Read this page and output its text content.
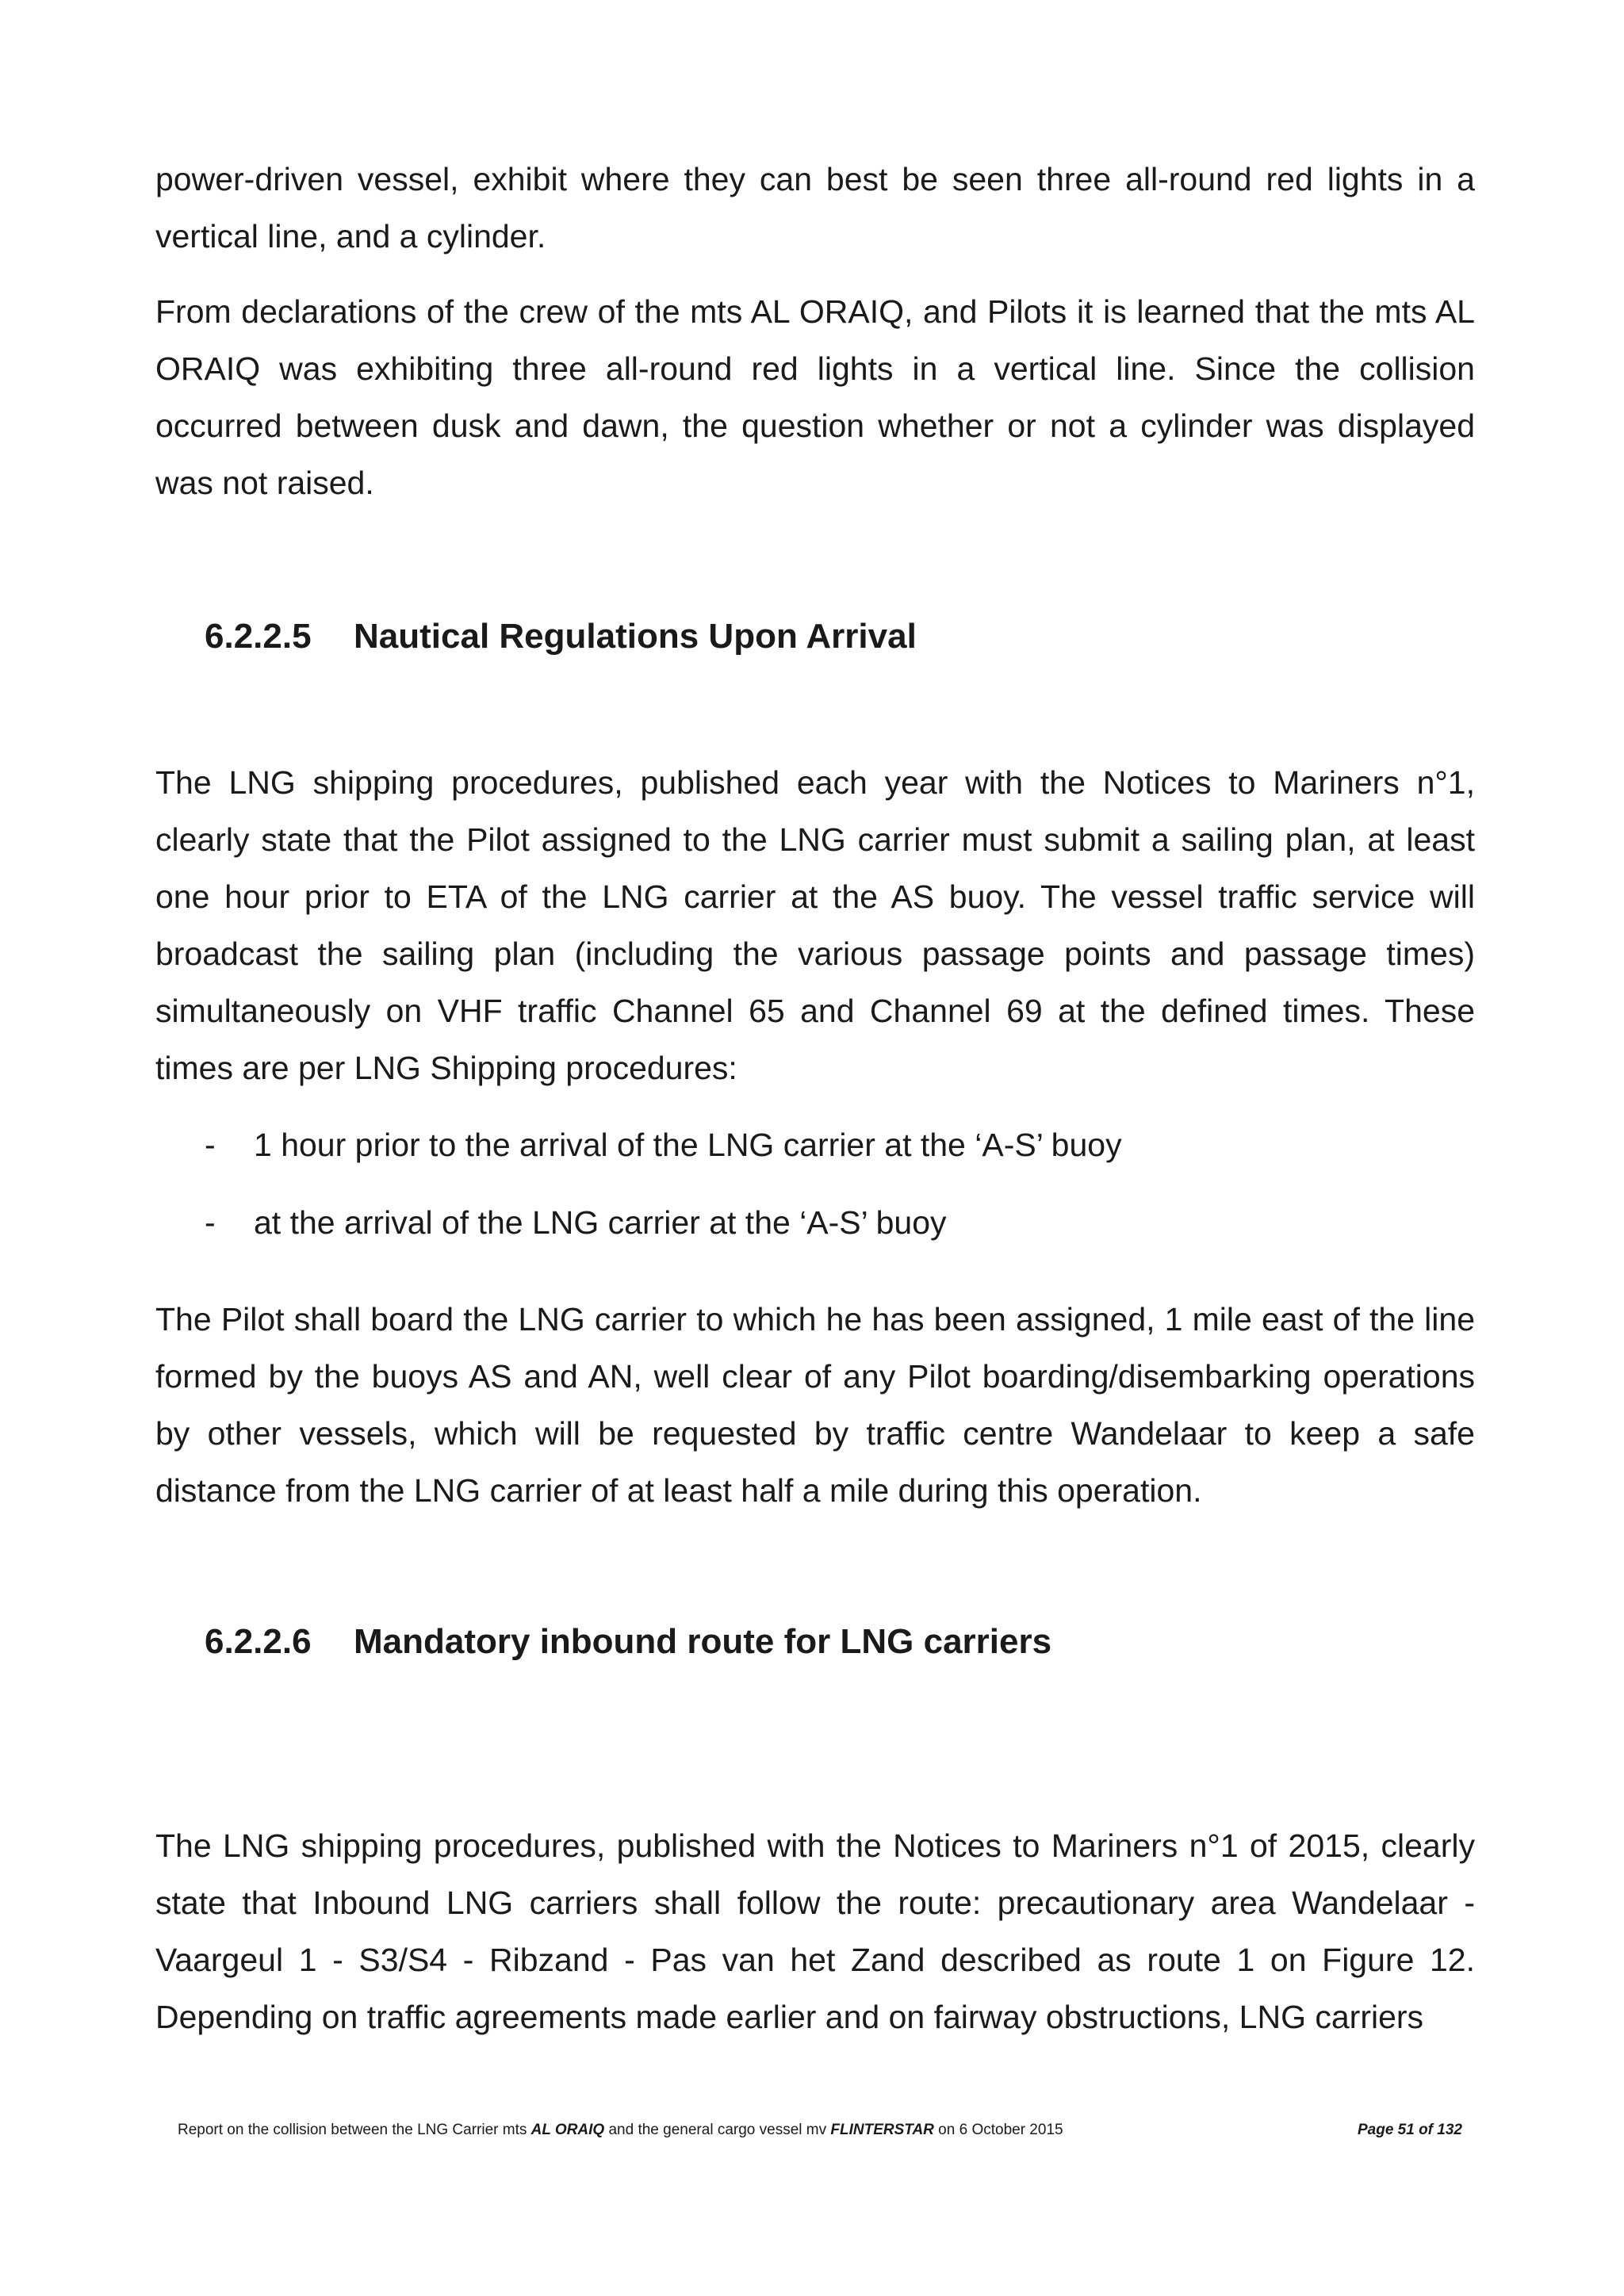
power-driven vessel, exhibit where they can best be seen three all-round red lights in a vertical line, and a cylinder.

From declarations of the crew of the mts AL ORAIQ, and Pilots it is learned that the mts AL ORAIQ was exhibiting three all-round red lights in a vertical line. Since the collision occurred between dusk and dawn, the question whether or not a cylinder was displayed was not raised.

6.2.2.5 Nautical Regulations Upon Arrival

The LNG shipping procedures, published each year with the Notices to Mariners n°1, clearly state that the Pilot assigned to the LNG carrier must submit a sailing plan, at least one hour prior to ETA of the LNG carrier at the AS buoy. The vessel traffic service will broadcast the sailing plan (including the various passage points and passage times) simultaneously on VHF traffic Channel 65 and Channel 69 at the defined times. These times are per LNG Shipping procedures:

- 1 hour prior to the arrival of the LNG carrier at the ‘A-S’ buoy
- at the arrival of the LNG carrier at the ‘A-S’ buoy

The Pilot shall board the LNG carrier to which he has been assigned, 1 mile east of the line formed by the buoys AS and AN, well clear of any Pilot boarding/disembarking operations by other vessels, which will be requested by traffic centre Wandelaar to keep a safe distance from the LNG carrier of at least half a mile during this operation.

6.2.2.6 Mandatory inbound route for LNG carriers

The LNG shipping procedures, published with the Notices to Mariners n°1 of 2015, clearly state that Inbound LNG carriers shall follow the route: precautionary area Wandelaar - Vaargeul 1 - S3/S4 - Ribzand - Pas van het Zand described as route 1 on Figure 12. Depending on traffic agreements made earlier and on fairway obstructions, LNG carriers

Report on the collision between the LNG Carrier mts AL ORAIQ and the general cargo vessel mv FLINTERSTAR on 6 October 2015	Page 51 of 132
